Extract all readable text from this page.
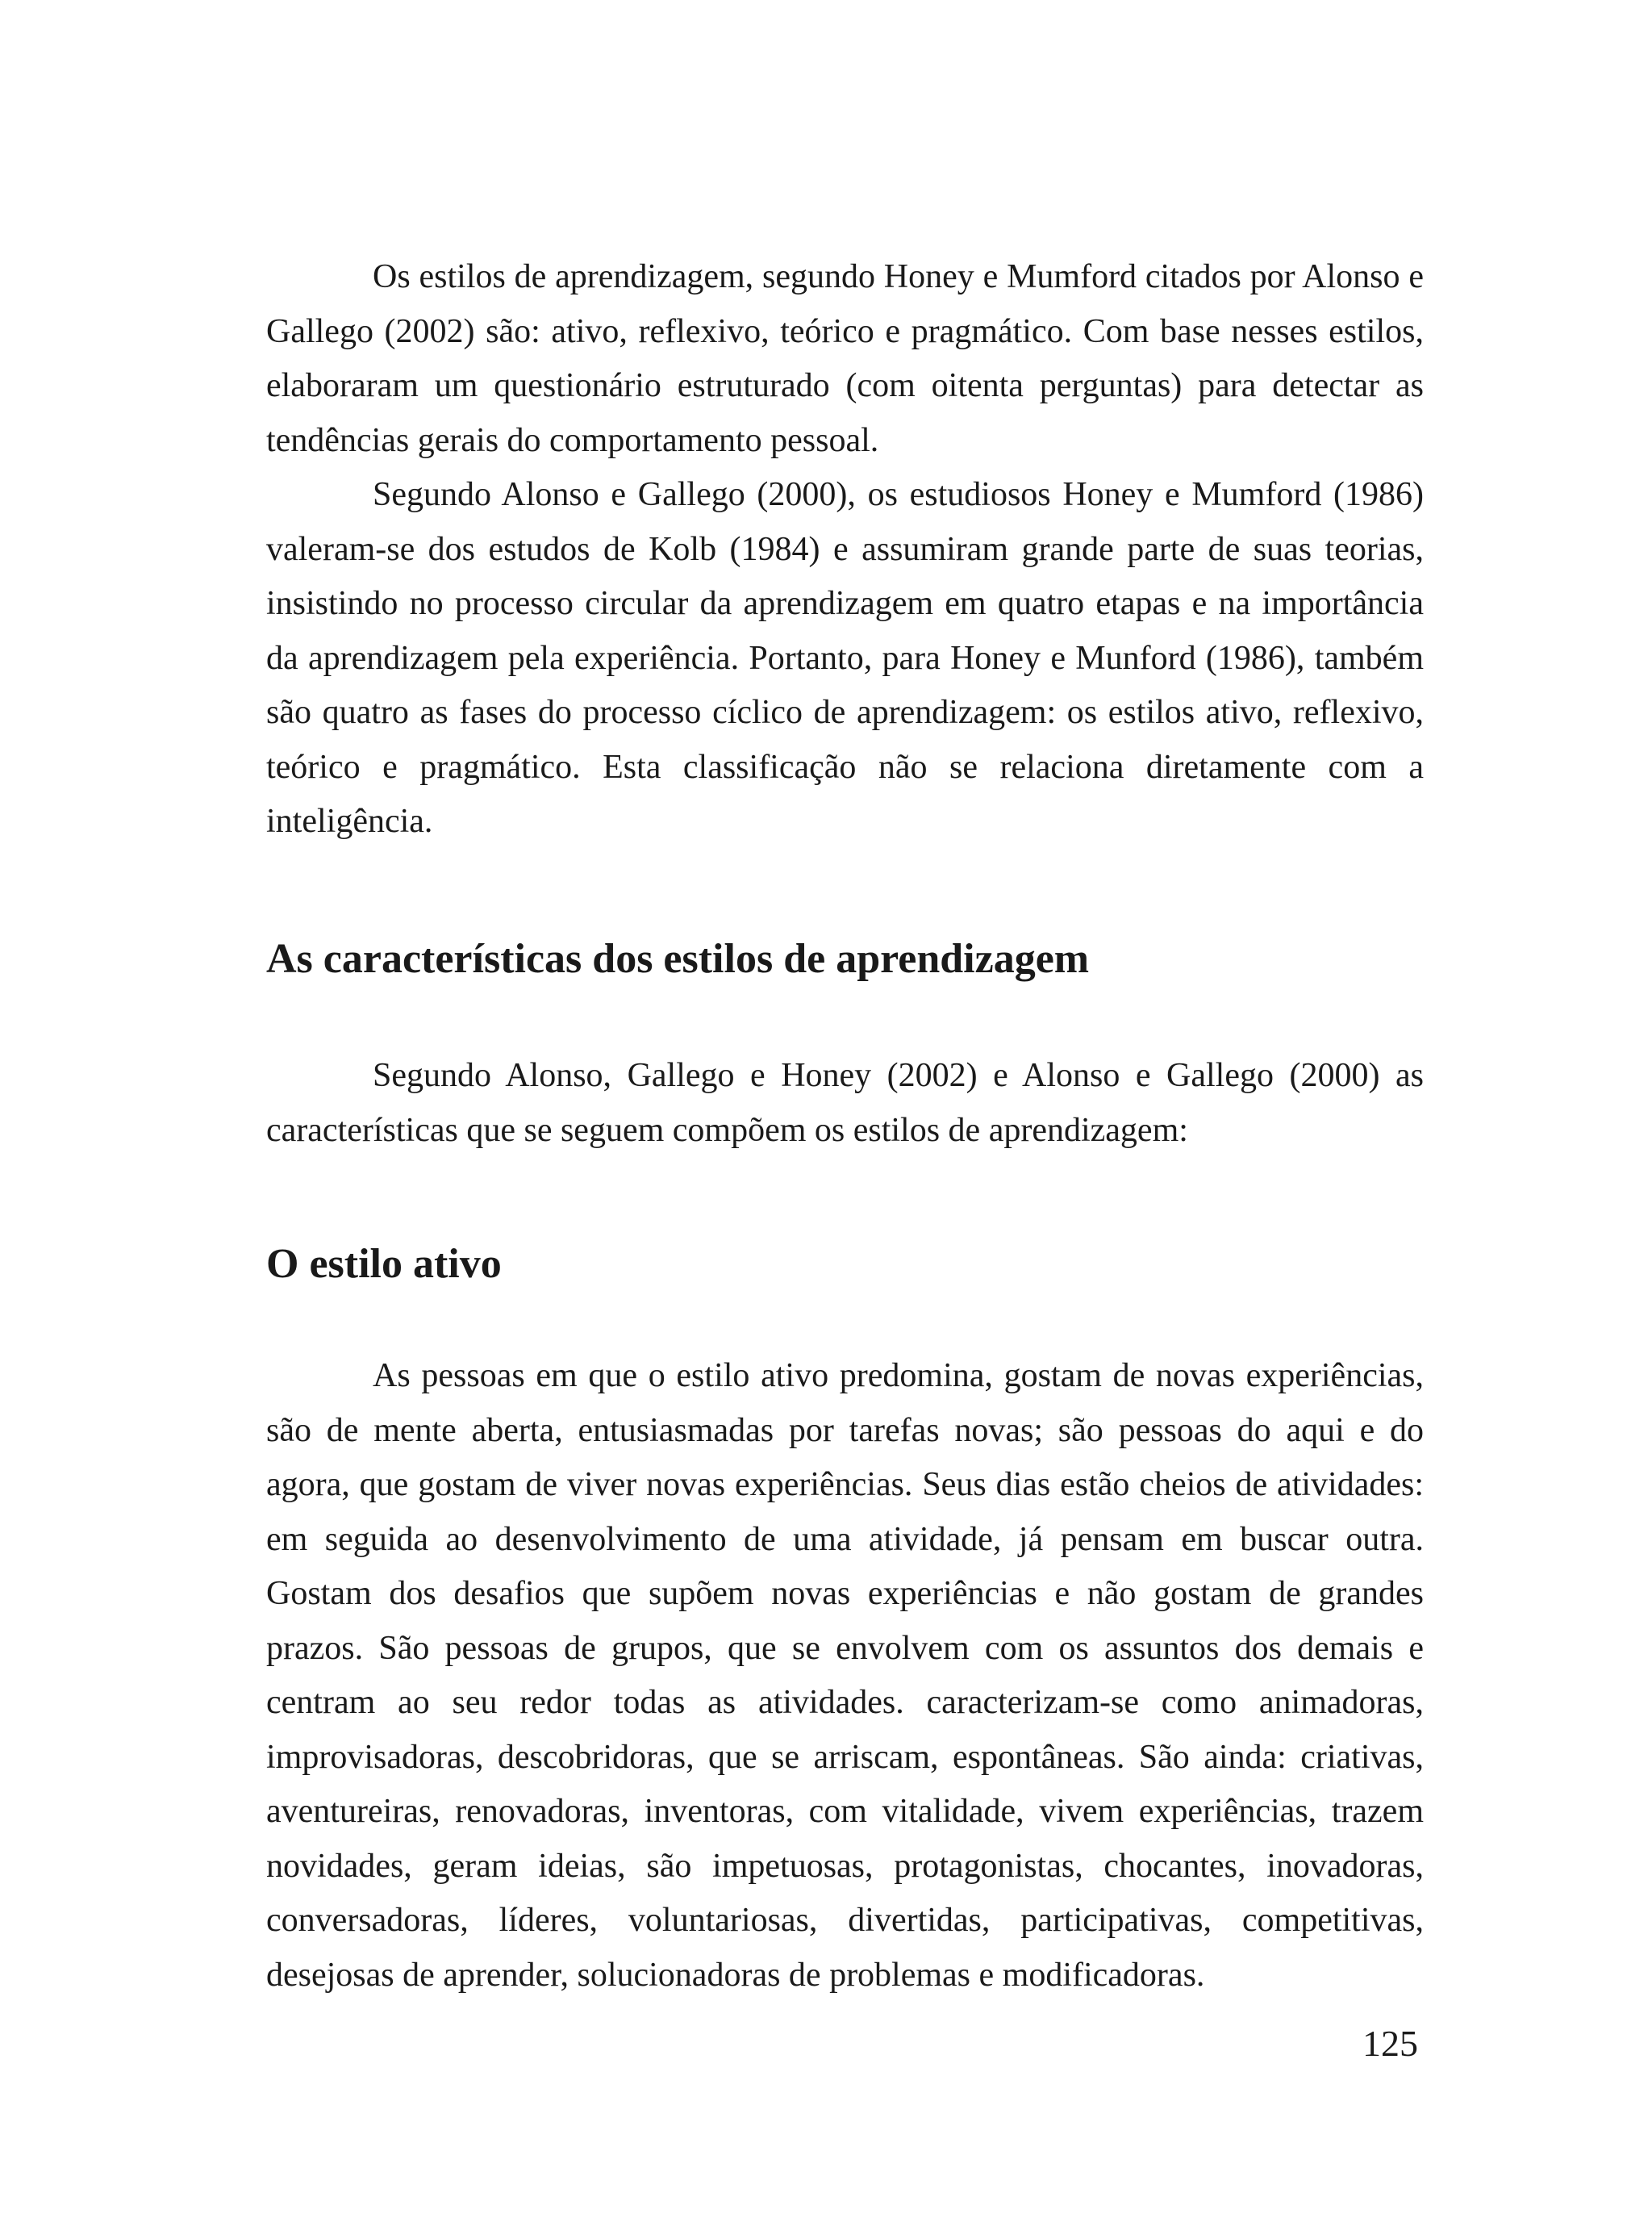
Os estilos de aprendizagem, segundo Honey e Mumford citados por Alonso e Gallego (2002) são: ativo, reflexivo, teórico e pragmático. Com base nesses estilos, elaboraram um questionário estruturado (com oitenta perguntas) para detectar as tendências gerais do comportamento pessoal.

Segundo Alonso e Gallego (2000), os estudiosos Honey e Mumford (1986) valeram-se dos estudos de Kolb (1984) e assumiram grande parte de suas teorias, insistindo no processo circular da aprendizagem em quatro etapas e na importância da aprendizagem pela experiência. Portanto, para Honey e Munford (1986), também são quatro as fases do processo cíclico de aprendizagem: os estilos ativo, reflexivo, teórico e pragmático. Esta classificação não se relaciona diretamente com a inteligência.

As características dos estilos de aprendizagem

Segundo Alonso, Gallego e Honey (2002) e Alonso e Gallego (2000) as características que se seguem compõem os estilos de aprendizagem:

O estilo ativo

As pessoas em que o estilo ativo predomina, gostam de novas experiências, são de mente aberta, entusiasmadas por tarefas novas; são pessoas do aqui e do agora, que gostam de viver novas experiências. Seus dias estão cheios de atividades: em seguida ao desenvolvimento de uma atividade, já pensam em buscar outra. Gostam dos desafios que supõem novas experiências e não gostam de grandes prazos. São pessoas de grupos, que se envolvem com os assuntos dos demais e centram ao seu redor todas as atividades. caracterizam-se como animadoras, improvisadoras, descobridoras, que se arriscam, espontâneas. São ainda: criativas, aventureiras, renovadoras, inventoras, com vitalidade, vivem experiências, trazem novidades, geram ideias, são impetuosas, protagonistas, chocantes, inovadoras, conversadoras, líderes, voluntariosas, divertidas, participativas, competitivas, desejosas de aprender, solucionadoras de problemas e modificadoras.

125
